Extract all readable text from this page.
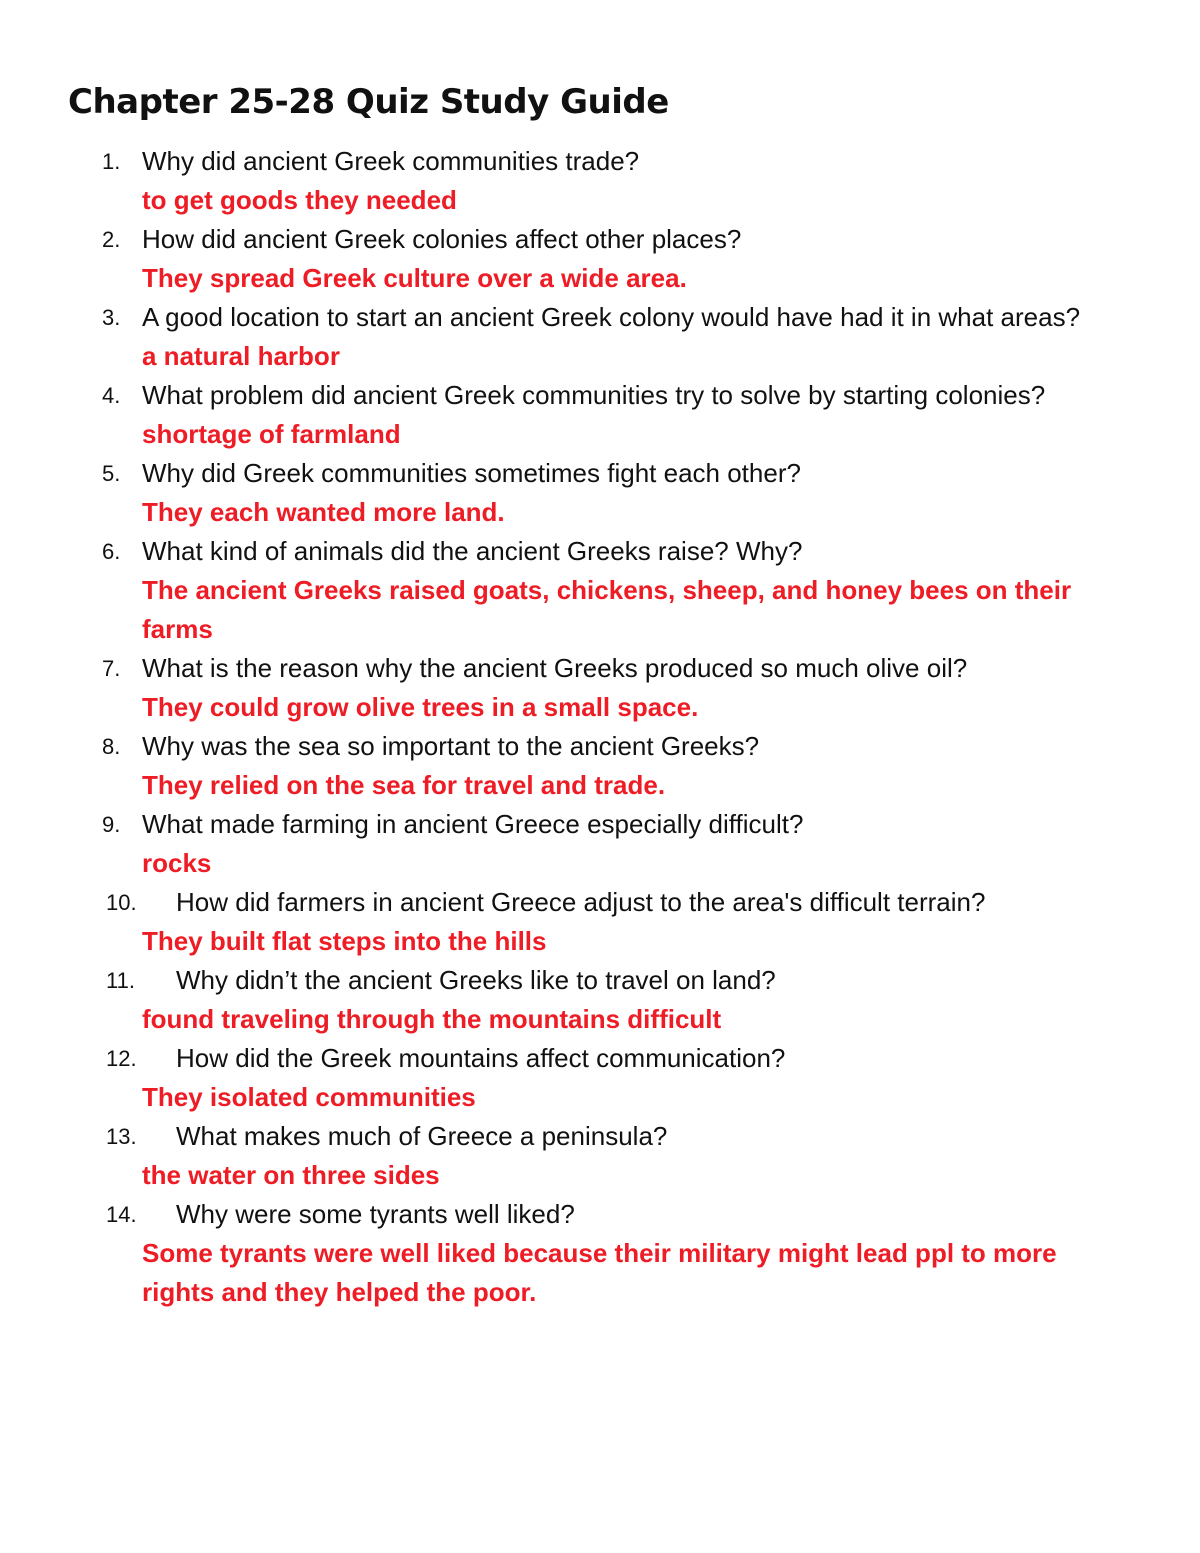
Chapter 25-28 Quiz Study Guide
1. Why did ancient Greek communities trade?
to get goods they needed
2. How did ancient Greek colonies affect other places?
They spread Greek culture over a wide area.
3. A good location to start an ancient Greek colony would have had it in what areas?
a natural harbor
4. What problem did ancient Greek communities try to solve by starting colonies?
shortage of farmland
5. Why did Greek communities sometimes fight each other?
They each wanted more land.
6. What kind of animals did the ancient Greeks raise? Why?
The ancient Greeks raised goats, chickens, sheep, and honey bees on their farms
7. What is the reason why the ancient Greeks produced so much olive oil?
They could grow olive trees in a small space.
8. Why was the sea so important to the ancient Greeks?
They relied on the sea for travel and trade.
9. What made farming in ancient Greece especially difficult?
rocks
10.	How did farmers in ancient Greece adjust to the area's difficult terrain?
They built flat steps into the hills
11.	Why didn’t the ancient Greeks like to travel on land?
found traveling through the mountains difficult
12.	How did the Greek mountains affect communication?
They isolated communities
13.	What makes much of Greece a peninsula?
the water on three sides
14.	Why were some tyrants well liked?
Some tyrants were well liked because their military might lead ppl to more rights and they helped the poor.
